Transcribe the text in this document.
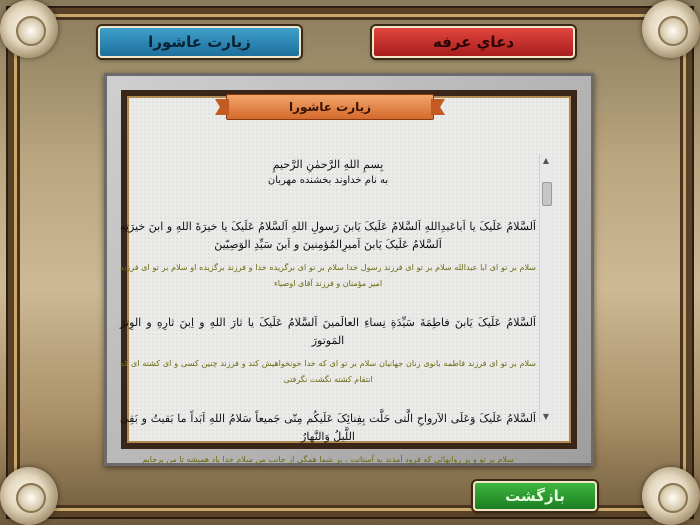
زيارت عاشورا	دعاي عرفه
زيارت عاشورا
بِسمِ اللهِ الرَّحمٰنِ الرَّحیمِ
به نام خداوند بخشنده مهربان
اَلسَّلامُ عَلَیکَ یا اَباعَبدِاللهِ اَلسَّلامُ عَلَیکَ یَابنَ رَسولِ اللهِ اَلسَّلامُ عَلَیکَ یا خیرَةَ اللهِ و ابنَ خیرَتِهِ اَلسَّلامُ عَلَیکَ یَابنَ اَمیرِالمُؤمِنینَ و اَبنَ سَیِّدِ الوَصِیّینَ
سلام بر تو ای ابا عبدالله سلام بر تو ای فرزند رسول خدا سلام بر تو ای برگزیده خدا و فرزند برگزیده او سلام بر تو ای فرزند امیر مؤمنان و فرزند آقای اوصیاء
اَلسَّلامُ عَلَیکَ یَابنَ فاطِمَةَ سَیِّدَةِ نِساءِ العالَمینَ اَلسَّلامُ عَلَیکَ یا ثارَ اللهِ و اِبنَ ثارِهِ و الوِترَ المَوتورَ
سلام بر تو ای فرزند فاطمه بانوی زنان جهانیان سلام بر تو ای که خدا خونخواهیش کند و فرزند چنین کسی و ای کشته ای که انتقام کشته نگشت نگرفتی
اَلسَّلامُ عَلَیکَ وَعَلَی الاَرواحِ الَّتی حَلَّت بِفِنائِکَ عَلَیکُم مِنّی جَمیعاً سَلامُ اللهِ اَبَداً ما بَقیتُ و بَقِیَ اللَّیلُ وَالنَّهارُ
سلام بر تو و بر روانهائی که فرود آمدند به آستانت ، بر شما همگی از جانب من سلام خدا باد همیشه تا من برجایم
▲
▼
بازگشت
